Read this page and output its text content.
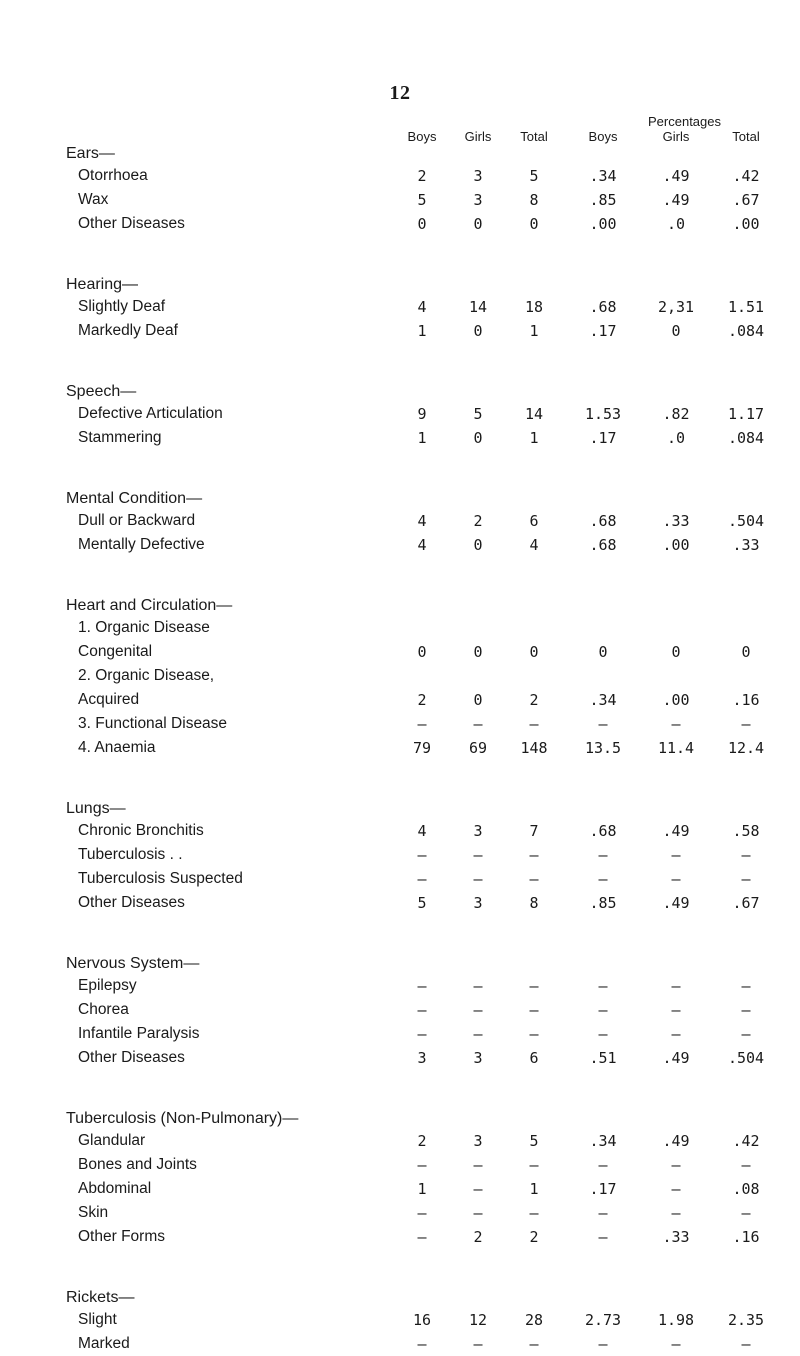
12
Percentages
Boys Girls Total	Boys	Girls	Total
Ears—
Otorrhoea	2	3	5	.34	.49	.42
Wax	5	3	8	.85	.49	.67
Other Diseases	0	0	0	.00	.0	.00
Hearing—
Slightly Deaf	4	14	18	.68	2,31	1.51
Markedly Deaf	1	0	1	.17	0	.084
Speech—
Defective Articulation	9	5	14	1.53	.82	1.17
Stammering	1	0	1	.17	.0	.084
Mental Condition—
Dull or Backward	4	2	6	.68	.33	.504
Mentally Defective	4	0	4	.68	.00	.33
Heart and Circulation—
1. Organic Disease
Congenital	0	0	0	0	0	0
2. Organic Disease,
Acquired	2	0	2	.34	.00	.16
3. Functional Disease	—	—	—	—	—	—
4. Anaemia	79	69	148	13.5	11.4	12.4
Lungs—
Chronic Bronchitis	4	3	7	.68	.49	.58
Tuberculosis . .	—	—	—	—	—	—
Tuberculosis Suspected	—	—	—	—	—	—
Other Diseases	5	3	8	.85	.49	.67
Nervous System—
Epilepsy	—	—	—	—	—	—
Chorea	—	—	—	—	—	—
Infantile Paralysis	—	—	—	—	—	—
Other Diseases	3	3	6	.51	.49	.504
Tuberculosis (Non-Pulmonary)—
Glandular	2	3	5	.34	.49	.42
Bones and Joints	—	—	—	—	—	—
Abdominal	1	—	1	.17	—	.08
Skin	—	—	—	—	—	—
Other Forms	—	2	2	—	.33	.16
Rickets—
Slight	16	12	28	2.73	1.98	2.35
Marked	—	—	—	—	—	—
